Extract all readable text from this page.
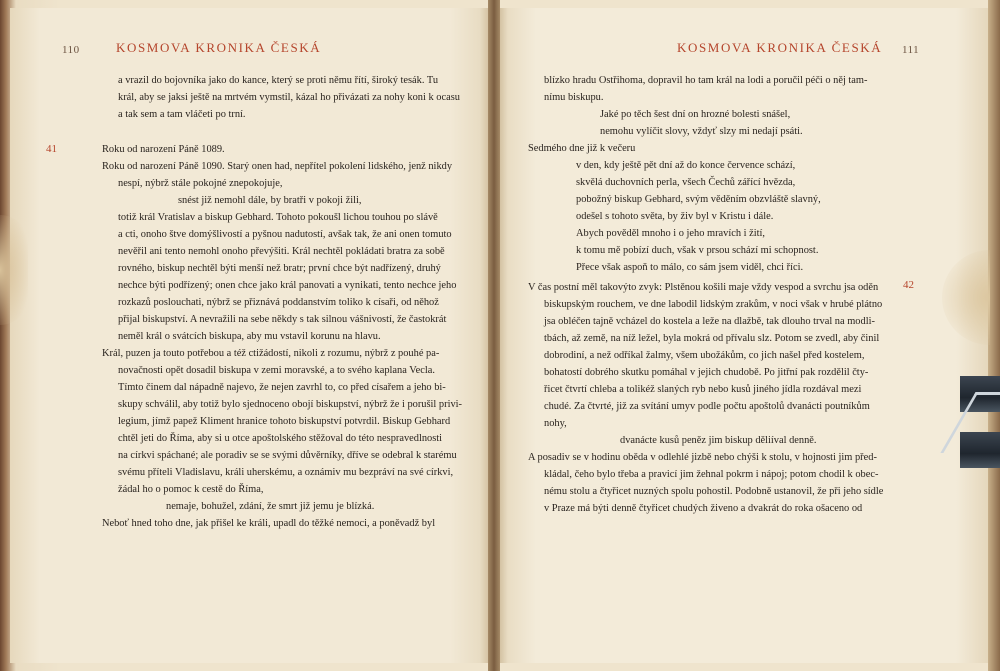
110	KOSMOVA KRONIKA ČESKÁ
41
a vrazil do bojovníka jako do kance, který se proti němu řítí, široký tesák. Tu
král, aby se jaksi ještě na mrtvém vymstil, kázal ho přivázati za nohy koni k ocasu
a tak sem a tam vláčeti po trní.
Roku od narození Páně 1089.
Roku od narození Páně 1090. Starý onen had, nepřítel pokolení lidského, jenž nikdy
nespí, nýbrž stále pokojné znepokojuje,
snést již nemohl dále, by bratři v pokoji žili,
totiž král Vratislav a biskup Gebhard. Tohoto pokoušl lichou touhou po slávě
a cti, onoho štve domýšlivostí a pyšnou nadutostí, avšak tak, že ani onen tomuto
nevěřil ani tento nemohl onoho převýšiti. Král nechtěl pokládati bratra za sobě
rovného, biskup nechtěl býti menší než bratr; první chce být nadřízený, druhý
nechce býti podřízený; onen chce jako král panovati a vynikati, tento nechce jeho
rozkazů poslouchati, nýbrž se přiznává poddanstvím toliko k císaři, od něhož
přijal biskupství. A nevražili na sebe někdy s tak silnou vášnivostí, že častokrát
neměl král o svátcích biskupa, aby mu vstavil korunu na hlavu.
Král, puzen ja touto potřebou a též ctižádostí, nikoli z rozumu, nýbrž z pouhé pa-
novačnosti opět dosadil biskupa v zemi moravské, a to svého kaplana Vecla.
Tímto činem dal nápadně najevo, že nejen zavrhl to, co před císařem a jeho bi-
skupy schválil, aby totiž bylo sjednoceno obojí biskupství, nýbrž že i porušil privi-
legium, jímž papež Kliment hranice tohoto biskupství potvrdil. Biskup Gebhard
chtěl jeti do Říma, aby si u otce apoštolského stěžoval do této nespravedlnosti
na církvi spáchané; ale poradiv se se svými důvěrníky, dříve se odebral k starému
svému příteli Vladislavu, králi uherskému, a oznámiv mu bezpráví na své církvi,
žádal ho o pomoc k cestě do Říma,
nemaje, bohužel, zdání, že smrt již jemu je blízká.
Neboť hned toho dne, jak přišel ke králi, upadl do těžké nemoci, a poněvadž byl
KOSMOVA KRONIKA ČESKÁ 111
42
blízko hradu Ostřihoma, dopravil ho tam král na lodi a poručil péči o něj tam-
nímu biskupu.
Jaké po těch šest dní on hrozné bolesti snášel,
nemohu vylíčit slovy, vždyť slzy mi nedají psáti.
Sedmého dne již k večeru
v den, kdy ještě pět dní až do konce července schází,
skvělá duchovních perla, všech Čechů zářící hvězda,
pobožný biskup Gebhard, svým věděním obzvláště slavný,
odešel s tohoto světa, by živ byl v Kristu i dále.
Abych pověděl mnoho i o jeho mravích i žití,
k tomu mě pobízí duch, však v prsou schází mi schopnost.
Přece však aspoň to málo, co sám jsem viděl, chci říci.
V čas postní měl takovýto zvyk: Plstěnou košili maje vždy vespod a svrchu jsa oděn
biskupským rouchem, ve dne labodil lidským zrakům, v noci však v hrubé plátno
jsa obléčen tajně vcházel do kostela a leže na dlažbě, tak dlouho trval na modli-
tbách, až země, na níž ležel, byla mokrá od přívalu slz. Potom se zvedl, aby činil
dobrodiní, a než odříkal žalmy, všem ubožákům, co jich našel před kostelem,
bohatostí dobrého skutku pomáhal v jejich chudobě. Po jitřní pak rozdělil čty-
řicet čtvrtí chleba a tolikéž slaných ryb nebo kusů jiného jídla rozdával mezi
chudé. Za čtvrté, již za svítání umyv podle počtu apoštolů dvanácti poutníkům
nohy,
dvanácte kusů peněz jim biskup děliíval denně.
A posadiv se v hodinu oběda v odlehlé jizbě nebo chýši k stolu, v hojnosti jim před-
kládal, čeho bylo třeba a pravicí jim žehnal pokrm i nápoj; potom chodil k obec-
nému stolu a čtyřicet nuzných spolu pohostil. Podobně ustanovil, že při jeho sídle
v Praze má býti denně čtyřicet chudých živeno a dvakrát do roka ošaceno od
